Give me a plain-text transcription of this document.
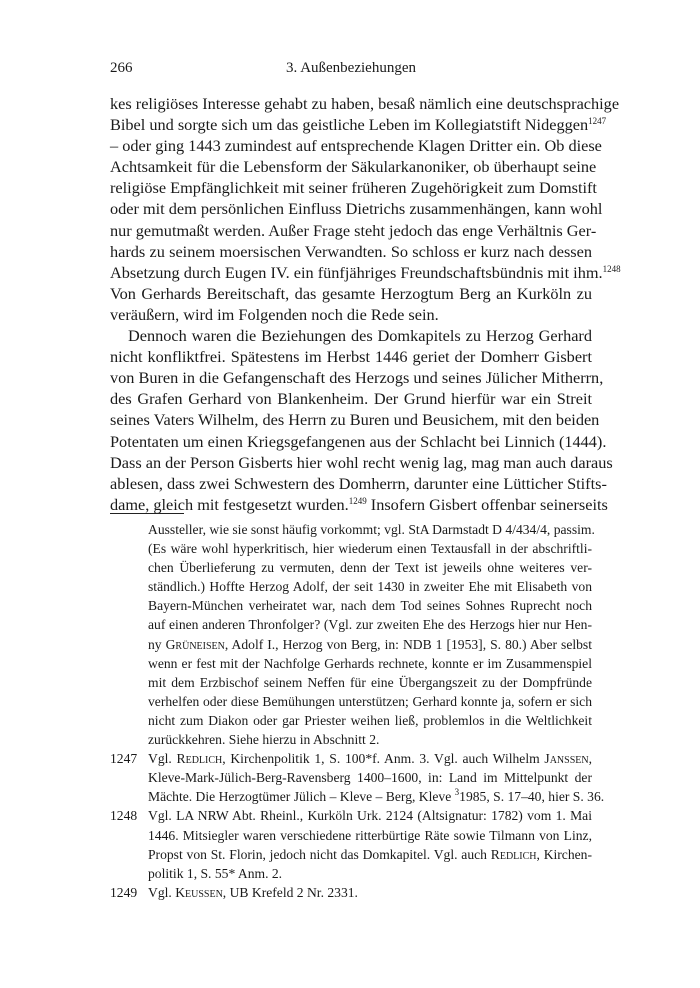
266	3. Außenbeziehungen
kes religiöses Interesse gehabt zu haben, besaß nämlich eine deutschsprachige
Bibel und sorgte sich um das geistliche Leben im Kollegiatstift Nideggen$^{1247}$
– oder ging 1443 zumindest auf entsprechende Klagen Dritter ein. Ob diese
Achtsamkeit für die Lebensform der Säkularkanoniker, ob überhaupt seine
religiöse Empfänglichkeit mit seiner früheren Zugehörigkeit zum Domstift
oder mit dem persönlichen Einfluss Dietrichs zusammenhängen, kann wohl
nur gemutmaßt werden. Außer Frage steht jedoch das enge Verhältnis Ger-
hards zu seinem moersischen Verwandten. So schloss er kurz nach dessen
Absetzung durch Eugen IV. ein fünfjähriges Freundschaftsbündnis mit ihm.$^{1248}$
Von Gerhards Bereitschaft, das gesamte Herzogtum Berg an Kurköln zu
veräußern, wird im Folgenden noch die Rede sein.
Dennoch waren die Beziehungen des Domkapitels zu Herzog Gerhard
nicht konfliktfrei. Spätestens im Herbst 1446 geriet der Domherr Gisbert
von Buren in die Gefangenschaft des Herzogs und seines Jülicher Mitherrn,
des Grafen Gerhard von Blankenheim. Der Grund hierfür war ein Streit
seines Vaters Wilhelm, des Herrn zu Buren und Beusichem, mit den beiden
Potentaten um einen Kriegsgefangenen aus der Schlacht bei Linnich (1444).
Dass an der Person Gisberts hier wohl recht wenig lag, mag man auch daraus
ablesen, dass zwei Schwestern des Domherrn, darunter eine Lütticher Stifts-
dame, gleich mit festgesetzt wurden.$^{1249}$ Insofern Gisbert offenbar seinerseits
Aussteller, wie sie sonst häufig vorkommt; vgl. StA Darmstadt D 4/434/4, passim.
(Es wäre wohl hyperkritisch, hier wiederum einen Textausfall in der abschriftli-
chen Überlieferung zu vermuten, denn der Text ist jeweils ohne weiteres ver-
ständlich.) Hoffte Herzog Adolf, der seit 1430 in zweiter Ehe mit Elisabeth von
Bayern-München verheiratet war, nach dem Tod seines Sohnes Ruprecht noch
auf einen anderen Thronfolger? (Vgl. zur zweiten Ehe des Herzogs hier nur Hen-
ny Grüneisen, Adolf I., Herzog von Berg, in: NDB 1 [1953], S. 80.) Aber selbst
wenn er fest mit der Nachfolge Gerhards rechnete, konnte er im Zusammenspiel
mit dem Erzbischof seinem Neffen für eine Übergangszeit zu der Dompfründe
verhelfen oder diese Bemühungen unterstützen; Gerhard konnte ja, sofern er sich
nicht zum Diakon oder gar Priester weihen ließ, problemlos in die Weltlichkeit
zurückkehren. Siehe hierzu in Abschnitt 2.
1247 Vgl. Redlich, Kirchenpolitik 1, S. 100*f. Anm. 3. Vgl. auch Wilhelm Janssen,
Kleve-Mark-Jülich-Berg-Ravensberg 1400–1600, in: Land im Mittelpunkt der
Mächte. Die Herzogtümer Jülich – Kleve – Berg, Kleve $^3$1985, S. 17–40, hier S. 36.
1248 Vgl. LA NRW Abt. Rheinl., Kurköln Urk. 2124 (Altsignatur: 1782) vom 1. Mai
1446. Mitsiegler waren verschiedene ritterbürtige Räte sowie Tilmann von Linz,
Propst von St. Florin, jedoch nicht das Domkapitel. Vgl. auch Redlich, Kirchen-
politik 1, S. 55* Anm. 2.
1249 Vgl. Keussen, UB Krefeld 2 Nr. 2331.
